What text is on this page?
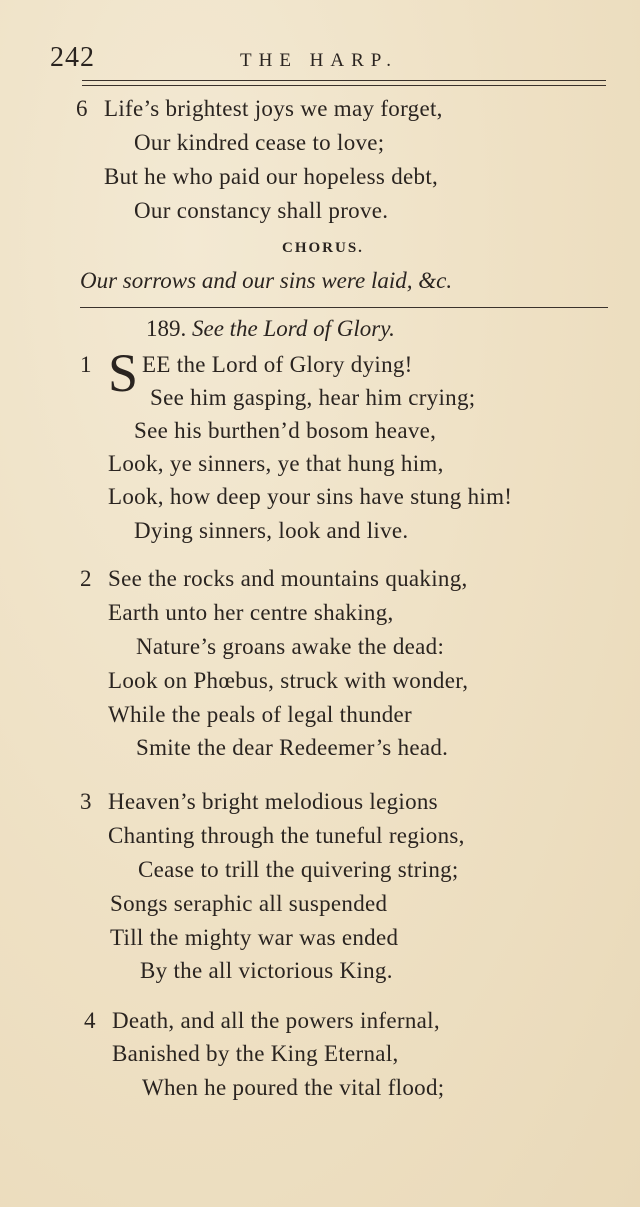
242	THE HARP.
6 Life’s brightest joys we may forget,
Our kindred cease to love;
But he who paid our hopeless debt,
Our constancy shall prove.
CHORUS.
Our sorrows and our sins were laid, &c.
189. See the Lord of Glory.
1 S EE the Lord of Glory dying!
See him gasping, hear him crying;
See his burthen’d bosom heave,
Look, ye sinners, ye that hung him,
Look, how deep your sins have stung him!
Dying sinners, look and live.
2 See the rocks and mountains quaking,
Earth unto her centre shaking,
Nature’s groans awake the dead:
Look on Phœbus, struck with wonder,
While the peals of legal thunder
Smite the dear Redeemer’s head.
3 Heaven’s bright melodious legions
Chanting through the tuneful regions,
Cease to trill the quivering string;
Songs seraphic all suspended
Till the mighty war was ended
By the all victorious King.
4 Death, and all the powers infernal,
Banished by the King Eternal,
When he poured the vital flood;
